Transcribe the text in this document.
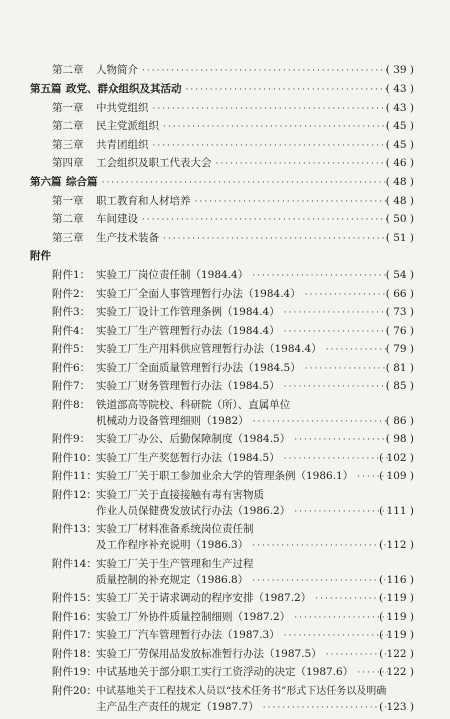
第二章	人物简介 ·····	( 39 )
第五篇 政党、群众组织及其活动 ·····	( 43 )
第一章	中共党组织 ·····	( 43 )
第二章	民主党派组织 ·····	( 45 )
第三章	共青团组织 ·····	( 45 )
第四章	工会组织及职工代表大会 ·····	( 46 )
第六篇 综合篇 ·····	( 48 )
第一章	职工教育和人材培养 ·····	( 48 )
第二章	车间建设 ·····	( 50 )
第三章	生产技术装备 ·····	( 51 )
附件
附件1： 实验工厂岗位责任制（1984.4） ·····	( 54 )
附件2： 实验工厂全面人事管理暂行办法（1984.4） ·····	( 66 )
附件3： 实验工厂设计工作管理条例（1984.4） ·····	( 73 )
附件4： 实验工厂生产管理暂行办法（1984.4） ·····	( 76 )
附件5： 实验工厂生产用料供应管理暂行办法（1984.4） ·····	( 79 )
附件6： 实验工厂全面质量管理暂行办法（1984.5） ·····	( 81 )
附件7： 实验工厂财务管理暂行办法（1984.5） ·····	( 85 )
附件8： 铁道部高等院校、科研院（所）、直属单位
机械动力设备管理细则（1982） ·····	( 86 )
附件9： 实验工厂办公、后勤保障制度（1984.5） ·····	( 98 )
附件10： 实验工厂生产奖惩暂行办法（1984.5） ·····	( 102 )
附件11： 实验工厂关于职工参加业余大学的管理条例（1986.1） ····· ( 109 )
附件12： 实验工厂关于直接接触有毒有害物质
作业人员保健费发放试行办法（1986.2） ·····	( 111 )
附件13： 实验工厂材料准备系统岗位责任制
及工作程序补充说明（1986.3） ·····	( 112 )
附件14： 实验工厂关于生产管理和生产过程
质量控制的补充规定（1986.8） ·····	( 116 )
附件15： 实验工厂关于请求调动的程序安排（1987.2） ·····	( 119 )
附件16： 实验工厂外协件质量控制细则（1987.2） ·····	( 119 )
附件17： 实验工厂汽车管理暂行办法（1987.3） ·····	( 119 )
附件18： 实验工厂劳保用品发放标准暂行办法（1987.5） ·····	( 122 )
附件19： 中试基地关于部分职工实行工资浮动的决定（1987.6） ····· ( 122 )
附件20： 中试基地关于工程技术人员以“技术任务书”形式下达任务以及明确
主产品生产责任的规定（1987.7） ·····	( 123 )
